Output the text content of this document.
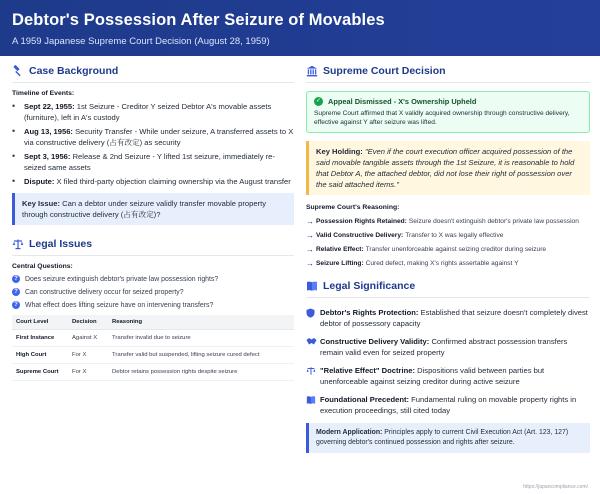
Debtor's Possession After Seizure of Movables
A 1959 Japanese Supreme Court Decision (August 28, 1959)
Case Background
Timeline of Events:
•	Sept 22, 1955: 1st Seizure - Creditor Y seized Debtor A's movable assets (furniture), left in A's custody
•	Aug 13, 1956: Security Transfer - While under seizure, A transferred assets to X via constructive delivery (占有改定) as security
•	Sept 3, 1956: Release & 2nd Seizure - Y lifted 1st seizure, immediately re-seized same assets
•	Dispute: X filed third-party objection claiming ownership via the August transfer
Key Issue: Can a debtor under seizure validly transfer movable property through constructive delivery (占有改定)?
Legal Issues
Central Questions:
?	Does seizure extinguish debtor's private law possession rights?
?	Can constructive delivery occur for seized property?
?	What effect does lifting seizure have on intervening transfers?
Court Level	Decision	Reasoning
First Instance	Against X	Transfer invalid due to seizure
High Court	For X	Transfer valid but suspended, lifting seizure cured defect
Supreme Court	For X	Debtor retains possession rights despite seizure
Supreme Court Decision
✓ Appeal Dismissed - X's Ownership Upheld
Supreme Court affirmed that X validly acquired ownership through constructive delivery, effective against Y after seizure was lifted.
Key Holding: "Even if the court execution officer acquired possession of the said movable tangible assets through the 1st Seizure, it is reasonable to hold that Debtor A, the attached debtor, did not lose their right of possession over the said attached items."
Supreme Court's Reasoning:
→ Possession Rights Retained: Seizure doesn't extinguish debtor's private law possession
→ Valid Constructive Delivery: Transfer to X was legally effective
→ Relative Effect: Transfer unenforceable against seizing creditor during seizure
→ Seizure Lifting: Cured defect, making X's rights assertable against Y
Legal Significance
Debtor's Rights Protection: Established that seizure doesn't completely divest debtor of possessory capacity
Constructive Delivery Validity: Confirmed abstract possession transfers remain valid even for seized property
"Relative Effect" Doctrine: Dispositions valid between parties but unenforceable against seizing creditor during active seizure
Foundational Precedent: Fundamental ruling on movable property rights in execution proceedings, still cited today
Modern Application: Principles apply to current Civil Execution Act (Art. 123, 127) governing debtor's continued possession and rights after seizure.
https://japancompliance.com/
